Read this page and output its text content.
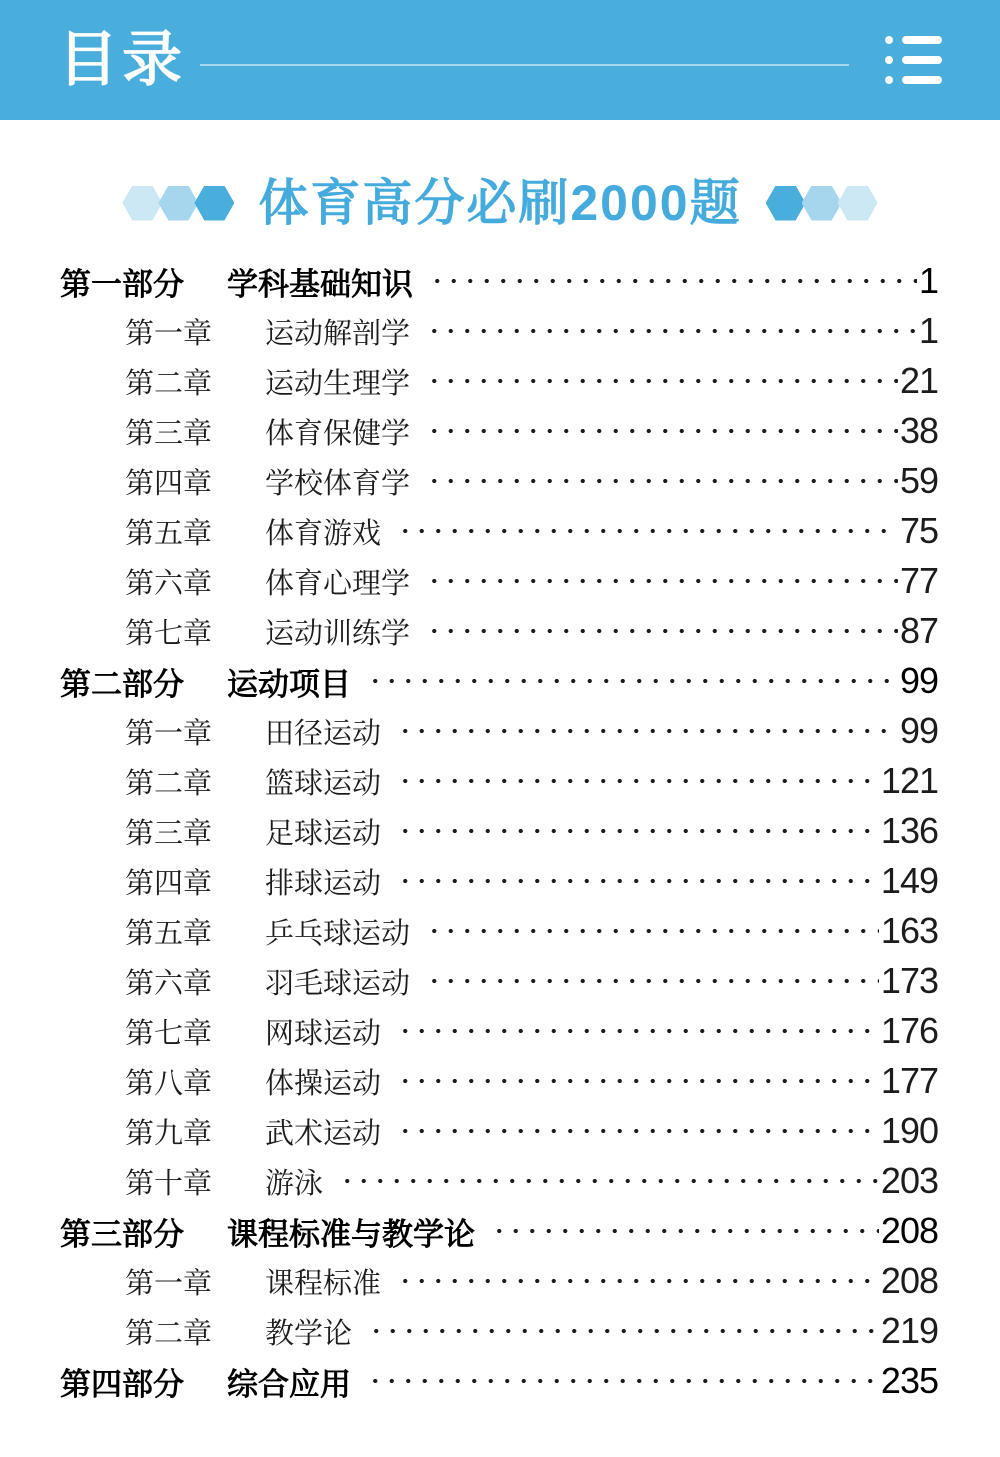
目录
体育高分必刷2000题
第一部分	学科基础知识	1
第一章	运动解剖学	1
第二章	运动生理学	21
第三章	体育保健学	38
第四章	学校体育学	59
第五章	体育游戏	75
第六章	体育心理学	77
第七章	运动训练学	87
第二部分	运动项目	99
第一章	田径运动	99
第二章	篮球运动	121
第三章	足球运动	136
第四章	排球运动	149
第五章	乒乓球运动	163
第六章	羽毛球运动	173
第七章	网球运动	176
第八章	体操运动	177
第九章	武术运动	190
第十章	游泳	203
第三部分	课程标准与教学论	208
第一章	课程标准	208
第二章	教学论	219
第四部分	综合应用	235
